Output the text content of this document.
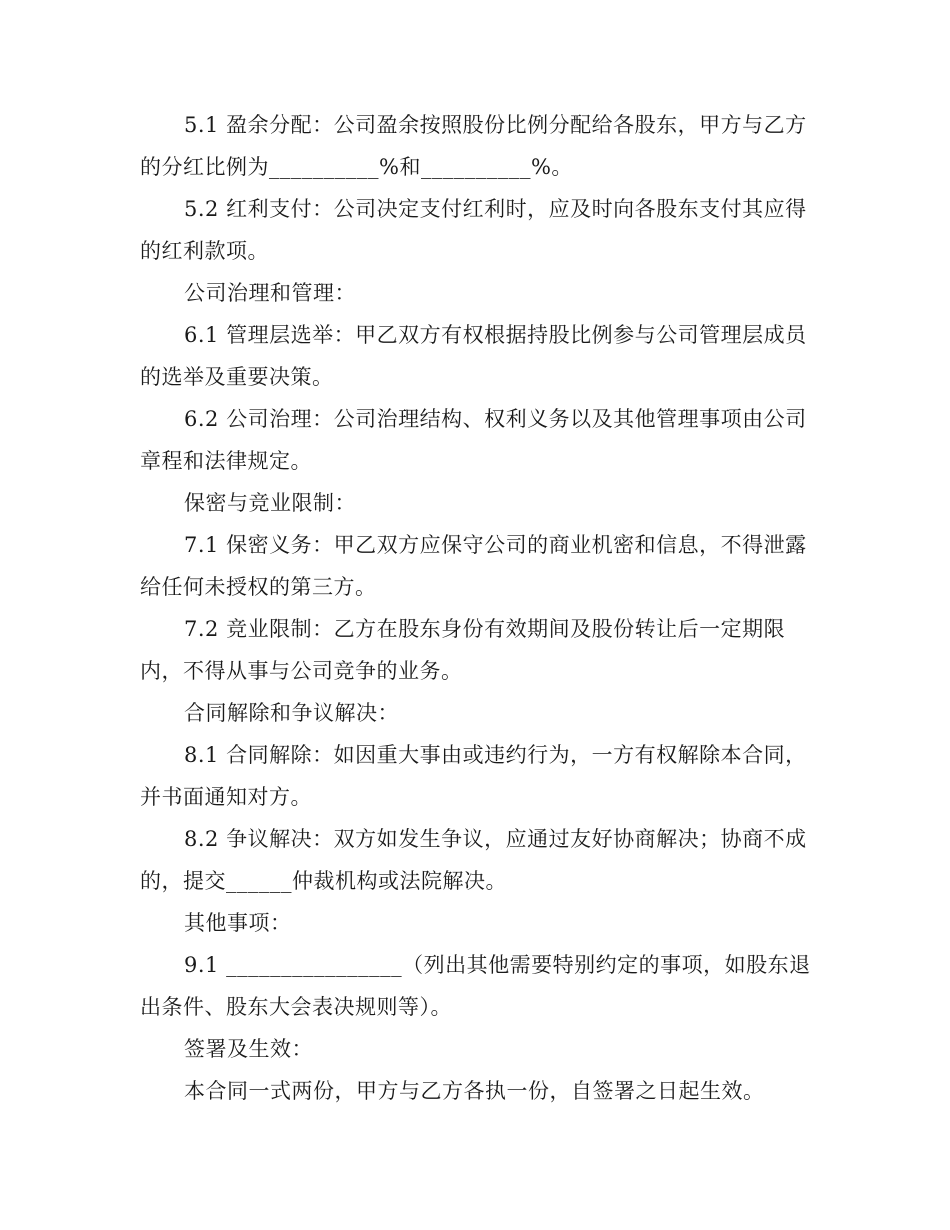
5.1 盈余分配：公司盈余按照股份比例分配给各股东，甲方与乙方的分红比例为__________%和__________%。

5.2 红利支付：公司决定支付红利时，应及时向各股东支付其应得的红利款项。

公司治理和管理：

6.1 管理层选举：甲乙双方有权根据持股比例参与公司管理层成员的选举及重要决策。

6.2 公司治理：公司治理结构、权利义务以及其他管理事项由公司章程和法律规定。

保密与竞业限制：

7.1 保密义务：甲乙双方应保守公司的商业机密和信息，不得泄露给任何未授权的第三方。

7.2 竞业限制：乙方在股东身份有效期间及股份转让后一定期限内，不得从事与公司竞争的业务。

合同解除和争议解决：

8.1 合同解除：如因重大事由或违约行为，一方有权解除本合同，并书面通知对方。

8.2 争议解决：双方如发生争议，应通过友好协商解决；协商不成的，提交______仲裁机构或法院解决。

其他事项：

9.1 ________________（列出其他需要特别约定的事项，如股东退出条件、股东大会表决规则等）。

签署及生效：

本合同一式两份，甲方与乙方各执一份，自签署之日起生效。
